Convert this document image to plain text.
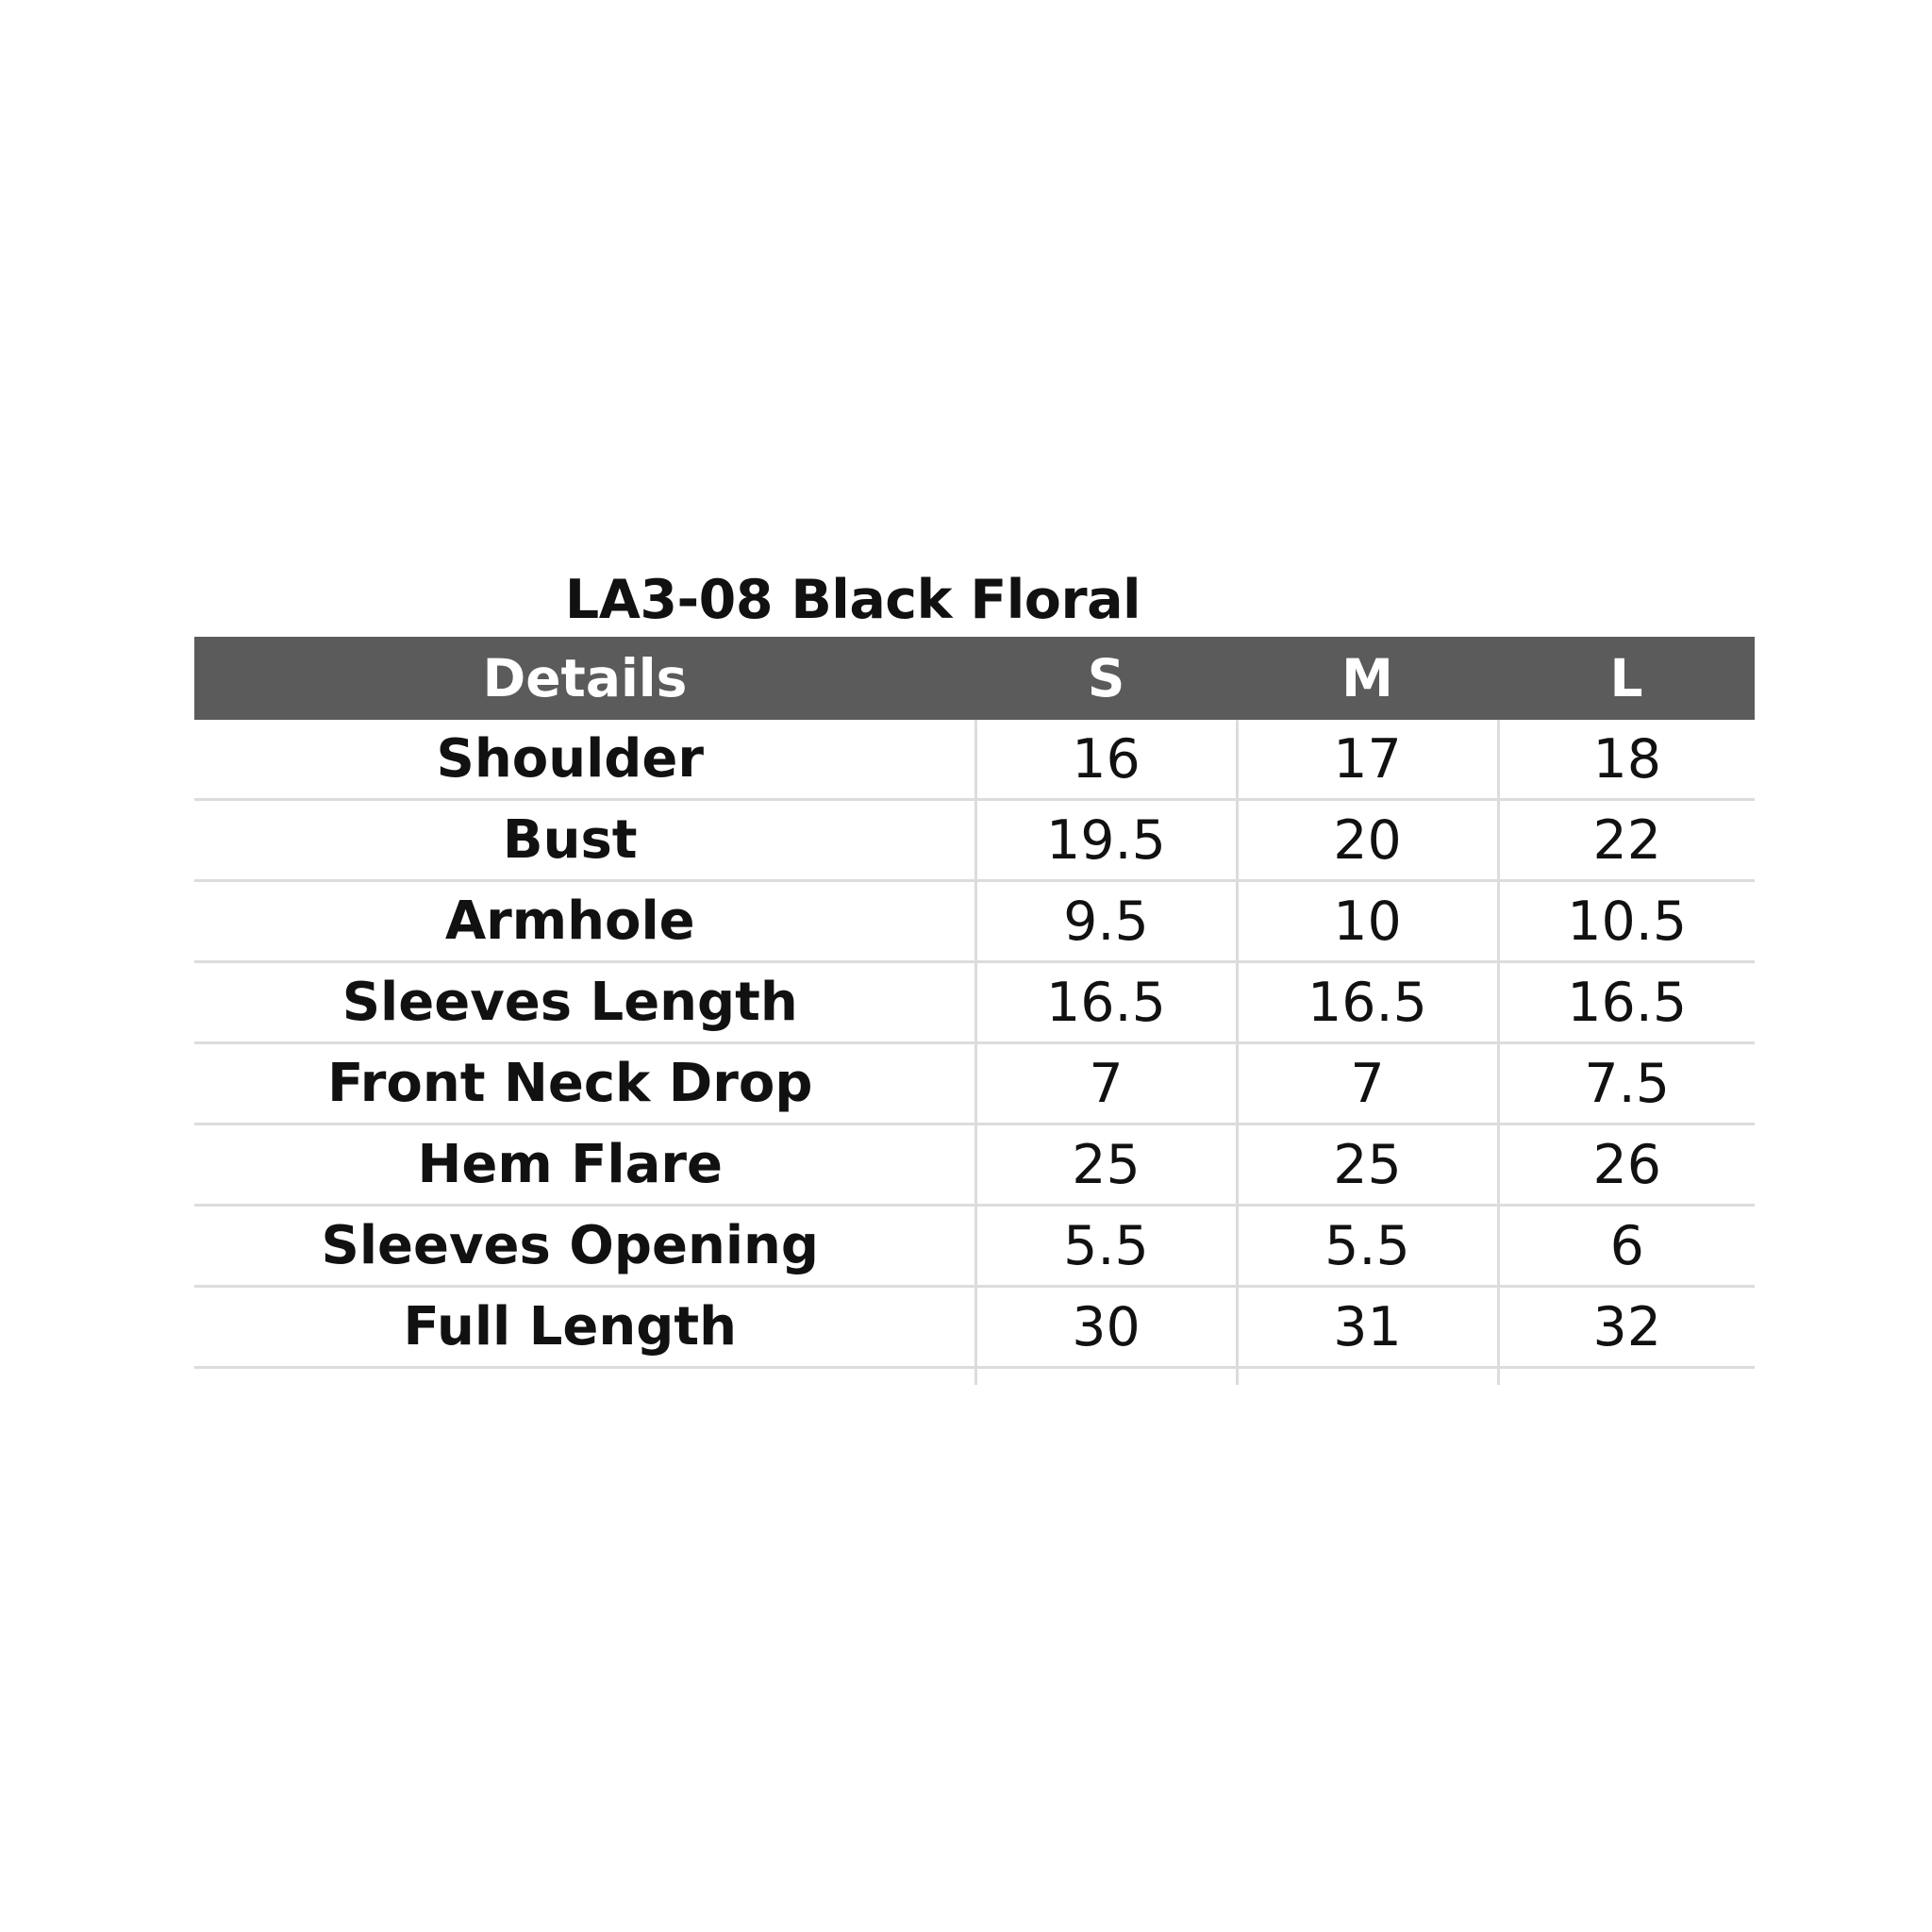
LA3-08 Black Floral
Details	S	M	L
Shoulder	16	17	18
Bust	19.5	20	22
Armhole	9.5	10	10.5
Sleeves Length	16.5	16.5	16.5
Front Neck Drop	7	7	7.5
Hem Flare	25	25	26
Sleeves Opening	5.5	5.5	6
Full Length	30	31	32
